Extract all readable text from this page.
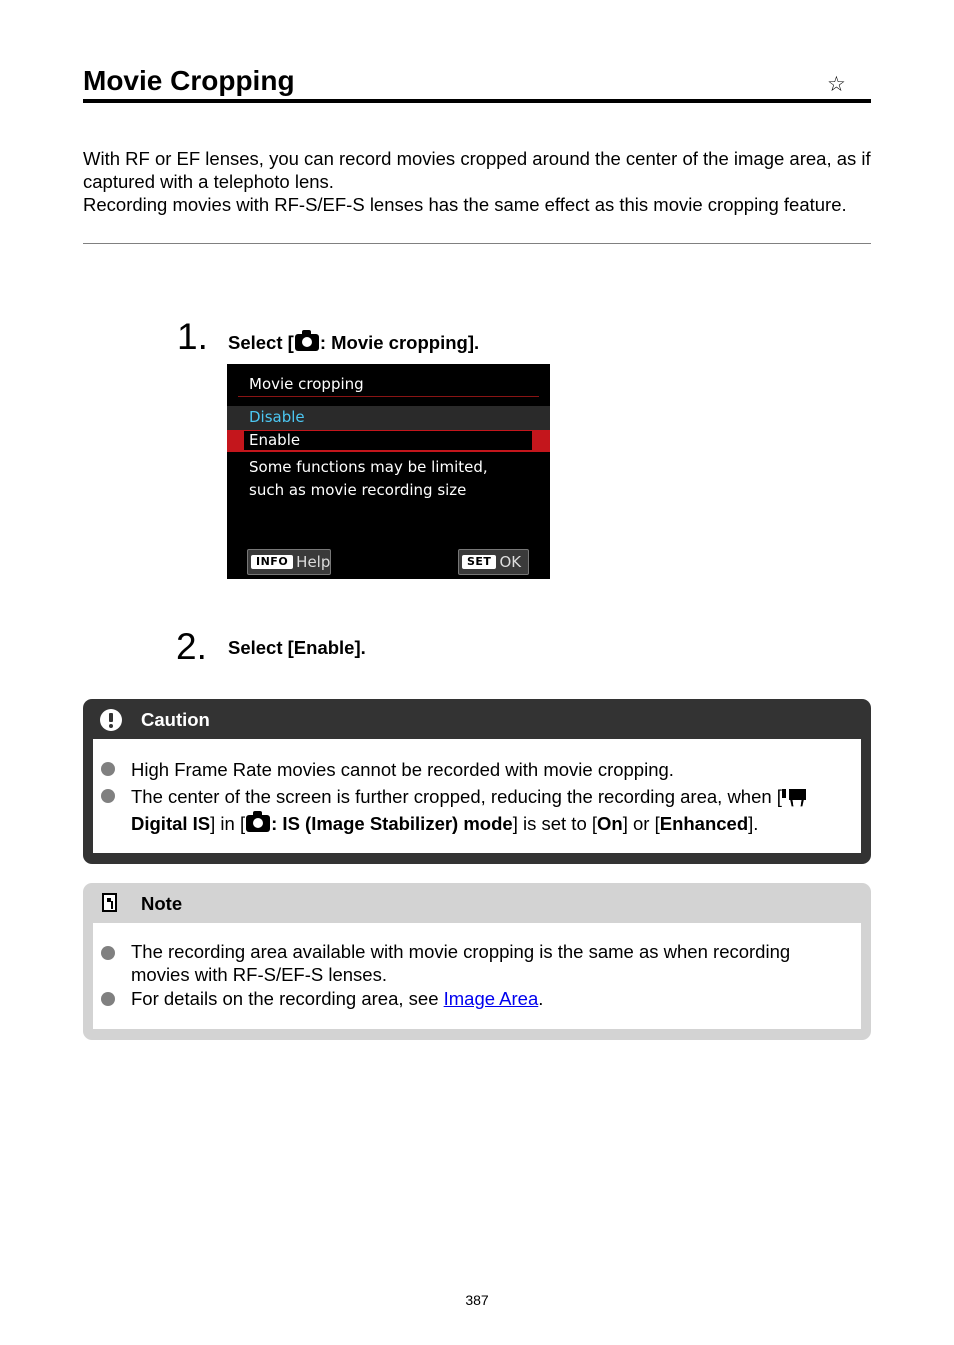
Movie Cropping	☆

With RF or EF lenses, you can record movies cropped around the center of the image area, as if captured with a telephoto lens.

Recording movies with RF-S/EF-S lenses has the same effect as this movie cropping feature.

1. Select [ : Movie cropping].
Movie cropping
Disable
Enable
Some functions may be limited,
such as movie recording size
INFO Help	SET OK
2. Select [Enable].
Caution
High Frame Rate movies cannot be recorded with movie cropping.
The center of the screen is further cropped, reducing the recording area, when [

Digital IS] in [ : IS (Image Stabilizer) mode] is set to [On] or [Enhanced].
Note
The recording area available with movie cropping is the same as when recording movies with RF-S/EF-S lenses.
For details on the recording area, see Image Area.
387
